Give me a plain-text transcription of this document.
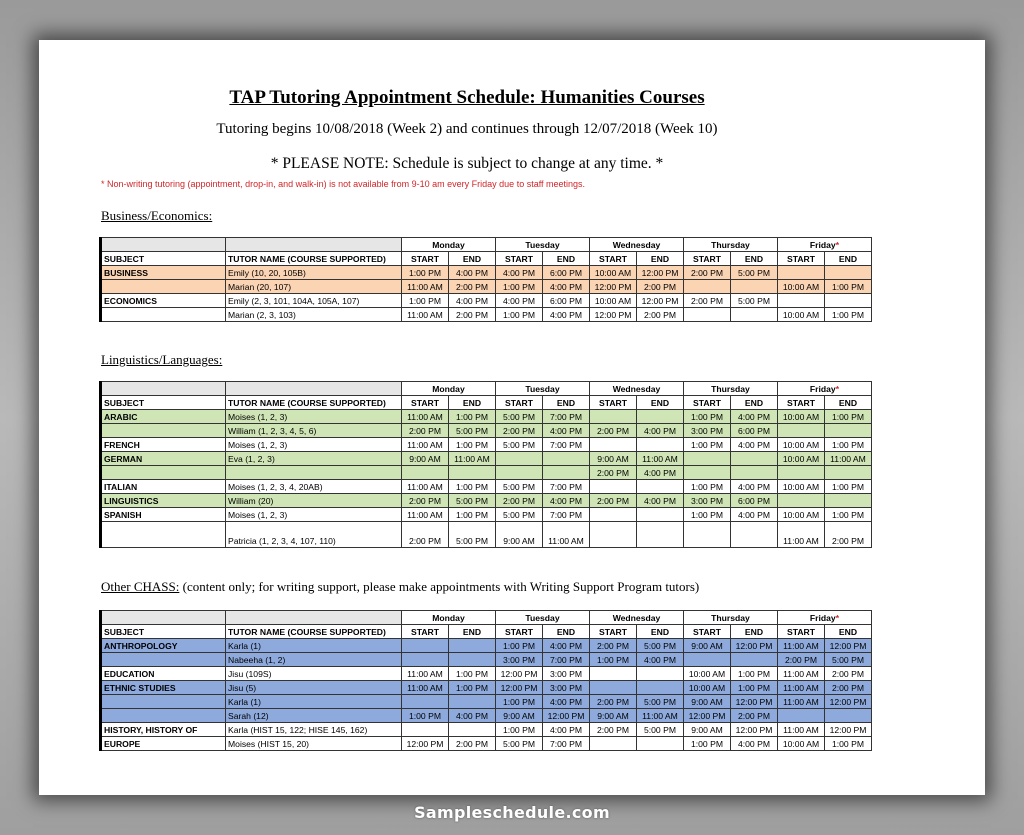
TAP Tutoring Appointment Schedule: Humanities Courses
Tutoring begins 10/08/2018 (Week 2) and continues through 12/07/2018 (Week 10)
* PLEASE NOTE: Schedule is subject to change at any time. *
* Non-writing tutoring (appointment, drop-in, and walk-in) is not available from 9-10 am every Friday due to staff meetings.
Business/Economics:
		Monday		Tuesday		Wednesday		Thursday		Friday*	
SUBJECT	TUTOR NAME (COURSE SUPPORTED)	START	END	START	END	START	END	START	END	START	END
BUSINESS	Emily (10, 20, 105B)	1:00 PM	4:00 PM	4:00 PM	6:00 PM	10:00 AM	12:00 PM	2:00 PM	5:00 PM		
	Marian (20, 107)	11:00 AM	2:00 PM	1:00 PM	4:00 PM	12:00 PM	2:00 PM			10:00 AM	1:00 PM
ECONOMICS	Emily (2, 3, 101, 104A, 105A, 107)	1:00 PM	4:00 PM	4:00 PM	6:00 PM	10:00 AM	12:00 PM	2:00 PM	5:00 PM		
	Marian (2, 3, 103)	11:00 AM	2:00 PM	1:00 PM	4:00 PM	12:00 PM	2:00 PM			10:00 AM	1:00 PM
Linguistics/Languages:
		Monday		Tuesday		Wednesday		Thursday		Friday*	
SUBJECT	TUTOR NAME (COURSE SUPPORTED)	START	END	START	END	START	END	START	END	START	END
ARABIC	Moises (1, 2, 3)	11:00 AM	1:00 PM	5:00 PM	7:00 PM			1:00 PM	4:00 PM	10:00 AM	1:00 PM
	William (1, 2, 3, 4, 5, 6)	2:00 PM	5:00 PM	2:00 PM	4:00 PM	2:00 PM	4:00 PM	3:00 PM	6:00 PM		
FRENCH	Moises (1, 2, 3)	11:00 AM	1:00 PM	5:00 PM	7:00 PM			1:00 PM	4:00 PM	10:00 AM	1:00 PM
GERMAN	Eva (1, 2, 3)	9:00 AM	11:00 AM			9:00 AM	11:00 AM			10:00 AM	11:00 AM
						2:00 PM	4:00 PM				
ITALIAN	Moises (1, 2, 3, 4, 20AB)	11:00 AM	1:00 PM	5:00 PM	7:00 PM			1:00 PM	4:00 PM	10:00 AM	1:00 PM
LINGUISTICS	William (20)	2:00 PM	5:00 PM	2:00 PM	4:00 PM	2:00 PM	4:00 PM	3:00 PM	6:00 PM		
SPANISH	Moises (1, 2, 3)	11:00 AM	1:00 PM	5:00 PM	7:00 PM			1:00 PM	4:00 PM	10:00 AM	1:00 PM
	Patricia (1, 2, 3, 4, 107, 110)	2:00 PM	5:00 PM	9:00 AM	11:00 AM					11:00 AM	2:00 PM
Other CHASS: (content only; for writing support, please make appointments with Writing Support Program tutors)
		Monday		Tuesday		Wednesday		Thursday		Friday*	
SUBJECT	TUTOR NAME (COURSE SUPPORTED)	START	END	START	END	START	END	START	END	START	END
ANTHROPOLOGY	Karla (1)			1:00 PM	4:00 PM	2:00 PM	5:00 PM	9:00 AM	12:00 PM	11:00 AM	12:00 PM
	Nabeeha (1, 2)			3:00 PM	7:00 PM	1:00 PM	4:00 PM			2:00 PM	5:00 PM
EDUCATION	Jisu (109S)	11:00 AM	1:00 PM	12:00 PM	3:00 PM			10:00 AM	1:00 PM	11:00 AM	2:00 PM
ETHNIC STUDIES	Jisu (5)	11:00 AM	1:00 PM	12:00 PM	3:00 PM			10:00 AM	1:00 PM	11:00 AM	2:00 PM
	Karla (1)			1:00 PM	4:00 PM	2:00 PM	5:00 PM	9:00 AM	12:00 PM	11:00 AM	12:00 PM
	Sarah (12)	1:00 PM	4:00 PM	9:00 AM	12:00 PM	9:00 AM	11:00 AM	12:00 PM	2:00 PM		
HISTORY, HISTORY OF	Karla (HIST 15, 122; HISE 145, 162)			1:00 PM	4:00 PM	2:00 PM	5:00 PM	9:00 AM	12:00 PM	11:00 AM	12:00 PM
EUROPE	Moises (HIST 15, 20)	12:00 PM	2:00 PM	5:00 PM	7:00 PM			1:00 PM	4:00 PM	10:00 AM	1:00 PM
Sampleschedule.com
